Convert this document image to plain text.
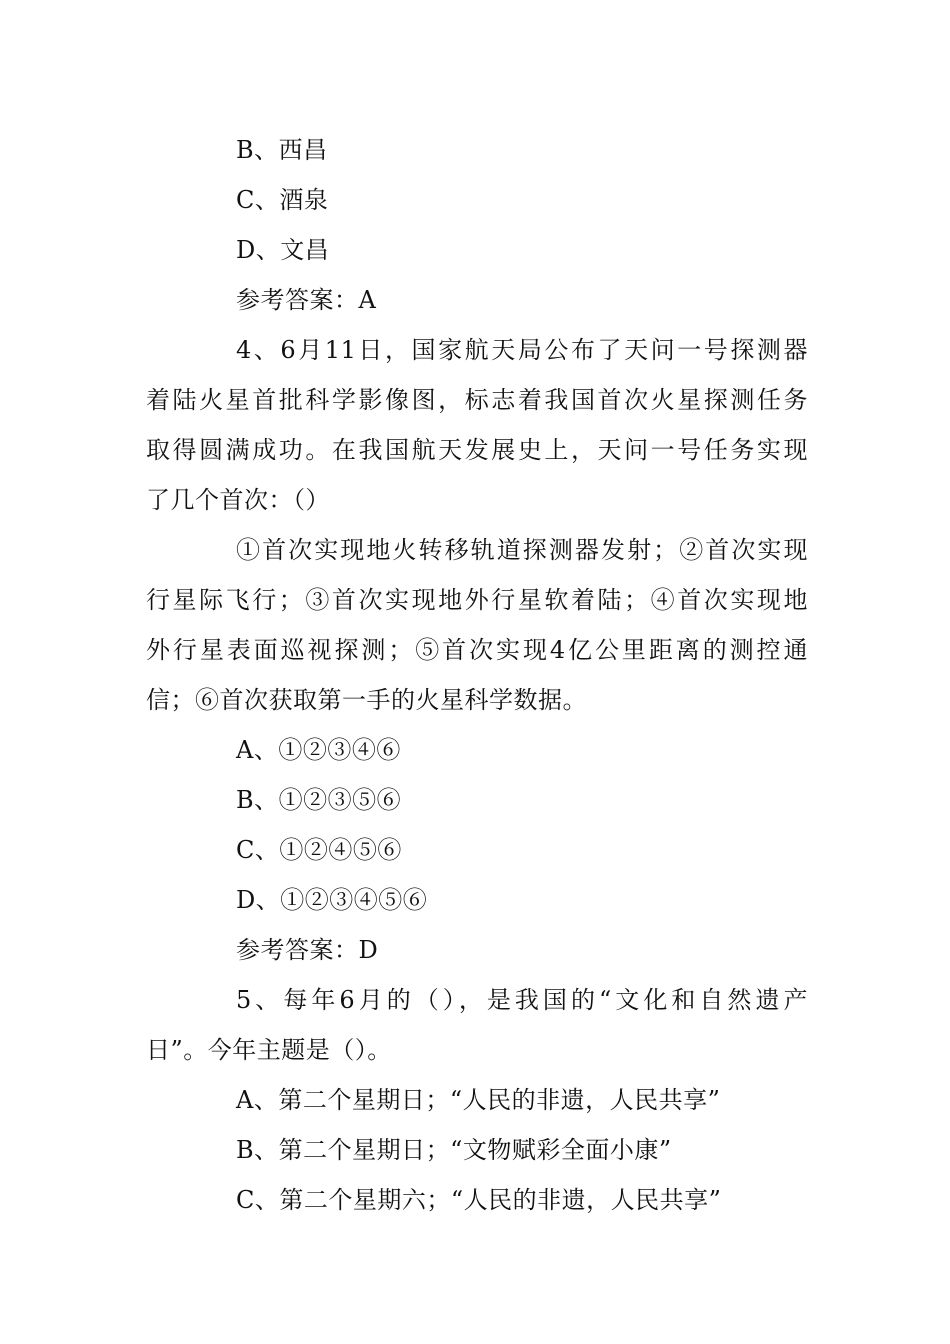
B、西昌
C、酒泉
D、文昌
参考答案：A
4、6月11日，国家航天局公布了天问一号探测器
着陆火星首批科学影像图，标志着我国首次火星探测任务
取得圆满成功。在我国航天发展史上，天问一号任务实现
了几个首次：（）
①首次实现地火转移轨道探测器发射；②首次实现
行星际飞行；③首次实现地外行星软着陆；④首次实现地
外行星表面巡视探测；⑤首次实现4亿公里距离的测控通
信；⑥首次获取第一手的火星科学数据。
A、①②③④⑥
B、①②③⑤⑥
C、①②④⑤⑥
D、①②③④⑤⑥
参考答案：D
5、每年6月的（），是我国的“文化和自然遗产
日”。今年主题是（）。
A、第二个星期日；“人民的非遗，人民共享”
B、第二个星期日；“文物赋彩全面小康”
C、第二个星期六；“人民的非遗，人民共享”
